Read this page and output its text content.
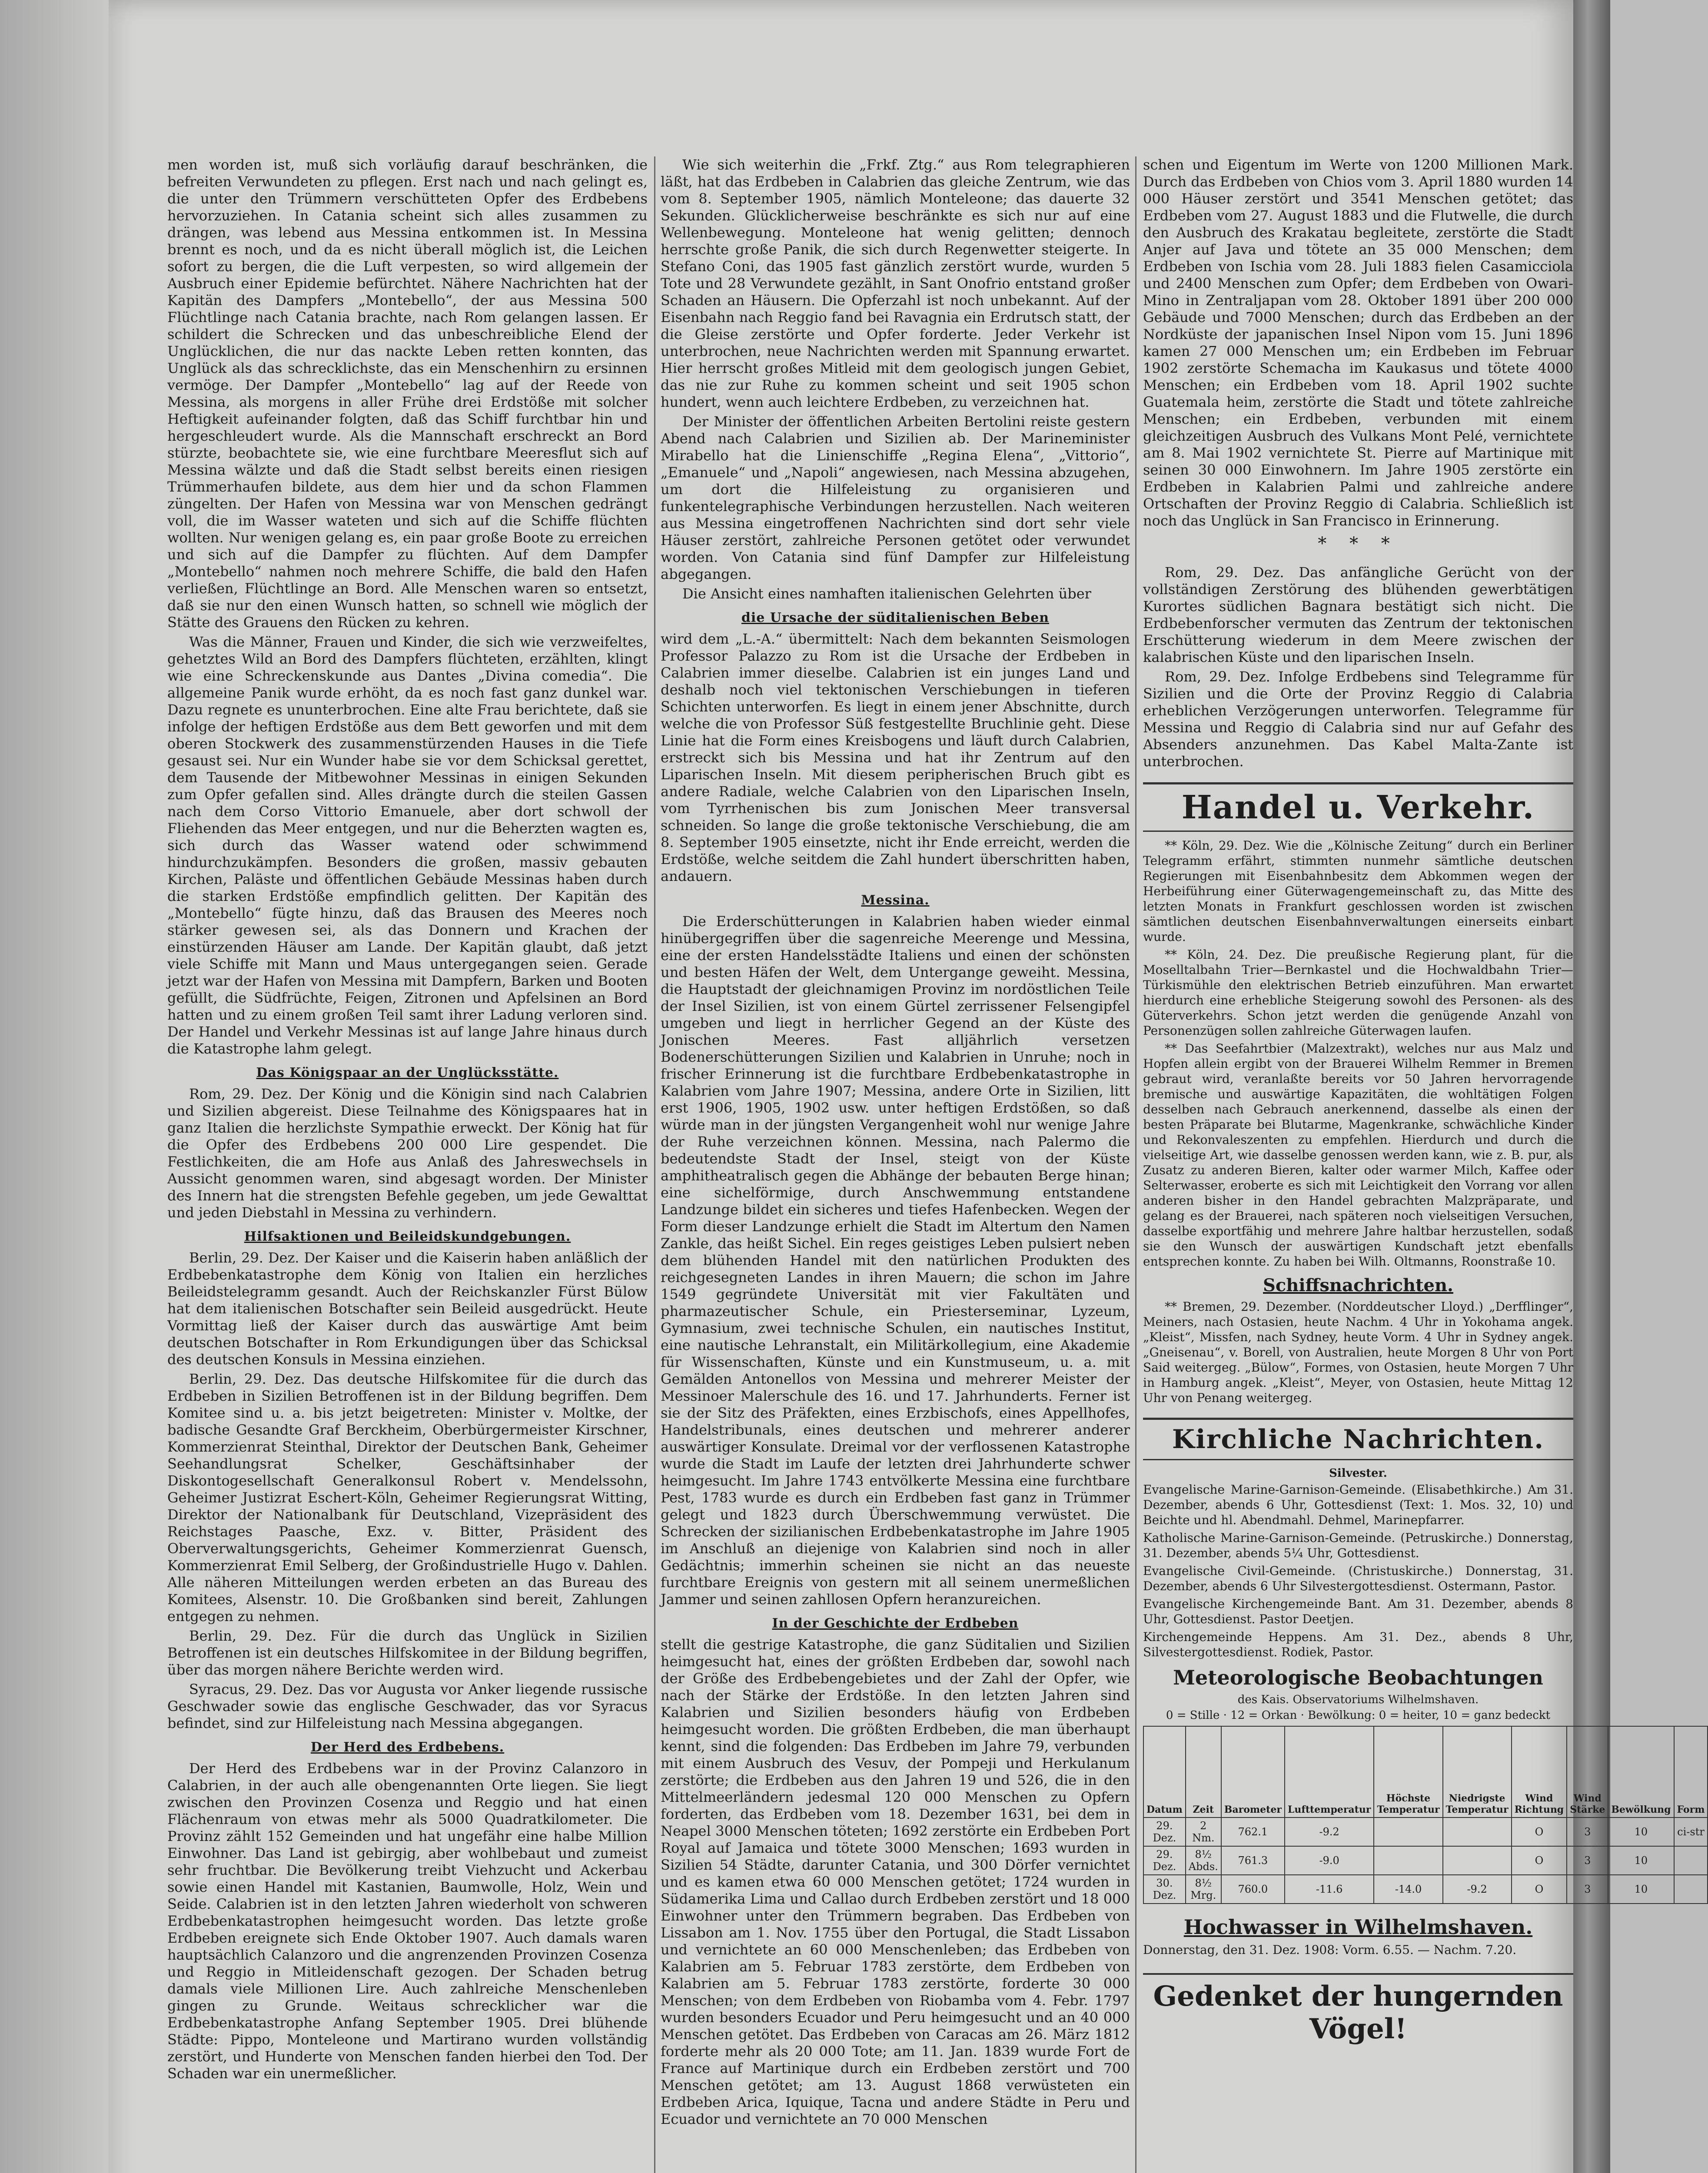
men worden ist, muß sich vorläufig darauf beschränken, die befreiten Verwundeten zu pflegen. Erst nach und nach gelingt es, die unter den Trümmern verschütteten Opfer des Erdbebens hervorzuziehen. In Catania scheint sich alles zusammen zu drängen, was lebend aus Messina entkommen ist. In Messina brennt es noch, und da es nicht überall möglich ist, die Leichen sofort zu bergen, die die Luft verpesten, so wird allgemein der Ausbruch einer Epidemie befürchtet. Nähere Nachrichten hat der Kapitän des Dampfers „Montebello“, der aus Messina 500 Flüchtlinge nach Catania brachte, nach Rom gelangen lassen. Er schildert die Schrecken und das unbeschreibliche Elend der Unglücklichen, die nur das nackte Leben retten konnten, das Unglück als das schrecklichste, das ein Menschenhirn zu ersinnen vermöge. Der Dampfer „Montebello“ lag auf der Reede von Messina, als morgens in aller Frühe drei Erdstöße mit solcher Heftigkeit aufeinander folgten, daß das Schiff furchtbar hin und hergeschleudert wurde. Als die Mannschaft erschreckt an Bord stürzte, beobachtete sie, wie eine furchtbare Meeresflut sich auf Messina wälzte und daß die Stadt selbst bereits einen riesigen Trümmerhaufen bildete, aus dem hier und da schon Flammen züngelten. Der Hafen von Messina war von Menschen gedrängt voll, die im Wasser wateten und sich auf die Schiffe flüchten wollten. Nur wenigen gelang es, ein paar große Boote zu erreichen und sich auf die Dampfer zu flüchten. Auf dem Dampfer „Montebello“ nahmen noch mehrere Schiffe, die bald den Hafen verließen, Flüchtlinge an Bord. Alle Menschen waren so entsetzt, daß sie nur den einen Wunsch hatten, so schnell wie möglich der Stätte des Grauens den Rücken zu kehren.

Was die Männer, Frauen und Kinder, die sich wie verzweifeltes, gehetztes Wild an Bord des Dampfers flüchteten, erzählten, klingt wie eine Schreckenskunde aus Dantes „Divina comedia“. Die allgemeine Panik wurde erhöht, da es noch fast ganz dunkel war. Dazu regnete es ununterbrochen. Eine alte Frau berichtete, daß sie infolge der heftigen Erdstöße aus dem Bett geworfen und mit dem oberen Stockwerk des zusammenstürzenden Hauses in die Tiefe gesaust sei. Nur ein Wunder habe sie vor dem Schicksal gerettet, dem Tausende der Mitbewohner Messinas in einigen Sekunden zum Opfer gefallen sind. Alles drängte durch die steilen Gassen nach dem Corso Vittorio Emanuele, aber dort schwoll der Fliehenden das Meer entgegen, und nur die Beherzten wagten es, sich durch das Wasser watend oder schwimmend hindurchzukämpfen. Besonders die großen, massiv gebauten Kirchen, Paläste und öffentlichen Gebäude Messinas haben durch die starken Erdstöße empfindlich gelitten. Der Kapitän des „Montebello“ fügte hinzu, daß das Brausen des Meeres noch stärker gewesen sei, als das Donnern und Krachen der einstürzenden Häuser am Lande. Der Kapitän glaubt, daß jetzt viele Schiffe mit Mann und Maus untergegangen seien. Gerade jetzt war der Hafen von Messina mit Dampfern, Barken und Booten gefüllt, die Südfrüchte, Feigen, Zitronen und Apfelsinen an Bord hatten und zu einem großen Teil samt ihrer Ladung verloren sind. Der Handel und Verkehr Messinas ist auf lange Jahre hinaus durch die Katastrophe lahm gelegt.

Das Königspaar an der Unglücksstätte.

Rom, 29. Dez. Der König und die Königin sind nach Calabrien und Sizilien abgereist. Diese Teilnahme des Königspaares hat in ganz Italien die herzlichste Sympathie erweckt. Der König hat für die Opfer des Erdbebens 200 000 Lire gespendet. Die Festlichkeiten, die am Hofe aus Anlaß des Jahreswechsels in Aussicht genommen waren, sind abgesagt worden. Der Minister des Innern hat die strengsten Befehle gegeben, um jede Gewalttat und jeden Diebstahl in Messina zu verhindern.

Hilfsaktionen und Beileidskundgebungen.

Berlin, 29. Dez. Der Kaiser und die Kaiserin haben anläßlich der Erdbebenkatastrophe dem König von Italien ein herzliches Beileidstelegramm gesandt. Auch der Reichskanzler Fürst Bülow hat dem italienischen Botschafter sein Beileid ausgedrückt. Heute Vormittag ließ der Kaiser durch das auswärtige Amt beim deutschen Botschafter in Rom Erkundigungen über das Schicksal des deutschen Konsuls in Messina einziehen.

Berlin, 29. Dez. Das deutsche Hilfskomitee für die durch das Erdbeben in Sizilien Betroffenen ist in der Bildung begriffen. Dem Komitee sind u. a. bis jetzt beigetreten: Minister v. Moltke, der badische Gesandte Graf Berckheim, Oberbürgermeister Kirschner, Kommerzienrat Steinthal, Direktor der Deutschen Bank, Geheimer Seehandlungsrat Schelker, Geschäftsinhaber der Diskontogesellschaft Generalkonsul Robert v. Mendelssohn, Geheimer Justizrat Eschert-Köln, Geheimer Regierungsrat Witting, Direktor der Nationalbank für Deutschland, Vizepräsident des Reichstages Paasche, Exz. v. Bitter, Präsident des Oberverwaltungsgerichts, Geheimer Kommerzienrat Guensch, Kommerzienrat Emil Selberg, der Großindustrielle Hugo v. Dahlen. Alle näheren Mitteilungen werden erbeten an das Bureau des Komitees, Alsenstr. 10. Die Großbanken sind bereit, Zahlungen entgegen zu nehmen.

Berlin, 29. Dez. Für die durch das Unglück in Sizilien Betroffenen ist ein deutsches Hilfskomitee in der Bildung begriffen, über das morgen nähere Berichte werden wird.

Syracus, 29. Dez. Das vor Augusta vor Anker liegende russische Geschwader sowie das englische Geschwader, das vor Syracus befindet, sind zur Hilfeleistung nach Messina abgegangen.

Der Herd des Erdbebens.

Der Herd des Erdbebens war in der Provinz Calanzoro in Calabrien, in der auch alle obengenannten Orte liegen. Sie liegt zwischen den Provinzen Cosenza und Reggio und hat einen Flächenraum von etwas mehr als 5000 Quadratkilometer. Die Provinz zählt 152 Gemeinden und hat ungefähr eine halbe Million Einwohner. Das Land ist gebirgig, aber wohlbebaut und zumeist sehr fruchtbar. Die Bevölkerung treibt Viehzucht und Ackerbau sowie einen Handel mit Kastanien, Baumwolle, Holz, Wein und Seide. Calabrien ist in den letzten Jahren wiederholt von schweren Erdbebenkatastrophen heimgesucht worden. Das letzte große Erdbeben ereignete sich Ende Oktober 1907. Auch damals waren hauptsächlich Calanzoro und die angrenzenden Provinzen Cosenza und Reggio in Mitleidenschaft gezogen. Der Schaden betrug damals viele Millionen Lire. Auch zahlreiche Menschenleben gingen zu Grunde. Weitaus schrecklicher war die Erdbebenkatastrophe Anfang September 1905. Drei blühende Städte: Pippo, Monteleone und Martirano wurden vollständig zerstört, und Hunderte von Menschen fanden hierbei den Tod. Der Schaden war ein unermeßlicher.

Wie sich weiterhin die „Frkf. Ztg.“ aus Rom telegraphieren läßt, hat das Erdbeben in Calabrien das gleiche Zentrum, wie das vom 8. September 1905, nämlich Monteleone; das dauerte 32 Sekunden. Glücklicherweise beschränkte es sich nur auf eine Wellenbewegung. Monteleone hat wenig gelitten; dennoch herrschte große Panik, die sich durch Regenwetter steigerte. In Stefano Coni, das 1905 fast gänzlich zerstört wurde, wurden 5 Tote und 28 Verwundete gezählt, in Sant Onofrio entstand großer Schaden an Häusern. Die Opferzahl ist noch unbekannt. Auf der Eisenbahn nach Reggio fand bei Ravagnia ein Erdrutsch statt, der die Gleise zerstörte und Opfer forderte. Jeder Verkehr ist unterbrochen, neue Nachrichten werden mit Spannung erwartet. Hier herrscht großes Mitleid mit dem geologisch jungen Gebiet, das nie zur Ruhe zu kommen scheint und seit 1905 schon hundert, wenn auch leichtere Erdbeben, zu verzeichnen hat.

Der Minister der öffentlichen Arbeiten Bertolini reiste gestern Abend nach Calabrien und Sizilien ab. Der Marineminister Mirabello hat die Linienschiffe „Regina Elena“, „Vittorio“, „Emanuele“ und „Napoli“ angewiesen, nach Messina abzugehen, um dort die Hilfeleistung zu organisieren und funkentelegraphische Verbindungen herzustellen. Nach weiteren aus Messina eingetroffenen Nachrichten sind dort sehr viele Häuser zerstört, zahlreiche Personen getötet oder verwundet worden. Von Catania sind fünf Dampfer zur Hilfeleistung abgegangen.

Die Ansicht eines namhaften italienischen Gelehrten über

die Ursache der süditalienischen Beben

wird dem „L.-A.“ übermittelt: Nach dem bekannten Seismologen Professor Palazzo zu Rom ist die Ursache der Erdbeben in Calabrien immer dieselbe. Calabrien ist ein junges Land und deshalb noch viel tektonischen Verschiebungen in tieferen Schichten unterworfen. Es liegt in einem jener Abschnitte, durch welche die von Professor Süß festgestellte Bruchlinie geht. Diese Linie hat die Form eines Kreisbogens und läuft durch Calabrien, erstreckt sich bis Messina und hat ihr Zentrum auf den Liparischen Inseln. Mit diesem peripherischen Bruch gibt es andere Radiale, welche Calabrien von den Liparischen Inseln, vom Tyrrhenischen bis zum Jonischen Meer transversal schneiden. So lange die große tektonische Verschiebung, die am 8. September 1905 einsetzte, nicht ihr Ende erreicht, werden die Erdstöße, welche seitdem die Zahl hundert überschritten haben, andauern.

Messina.

Die Erderschütterungen in Kalabrien haben wieder einmal hinübergegriffen über die sagenreiche Meerenge und Messina, eine der ersten Handelsstädte Italiens und einen der schönsten und besten Häfen der Welt, dem Untergange geweiht. Messina, die Hauptstadt der gleichnamigen Provinz im nordöstlichen Teile der Insel Sizilien, ist von einem Gürtel zerrissener Felsengipfel umgeben und liegt in herrlicher Gegend an der Küste des Jonischen Meeres. Fast alljährlich versetzen Bodenerschütterungen Sizilien und Kalabrien in Unruhe; noch in frischer Erinnerung ist die furchtbare Erdbebenkatastrophe in Kalabrien vom Jahre 1907; Messina, andere Orte in Sizilien, litt erst 1906, 1905, 1902 usw. unter heftigen Erdstößen, so daß würde man in der jüngsten Vergangenheit wohl nur wenige Jahre der Ruhe verzeichnen können. Messina, nach Palermo die bedeutendste Stadt der Insel, steigt von der Küste amphitheatralisch gegen die Abhänge der bebauten Berge hinan; eine sichelförmige, durch Anschwemmung entstandene Landzunge bildet ein sicheres und tiefes Hafenbecken. Wegen der Form dieser Landzunge erhielt die Stadt im Altertum den Namen Zankle, das heißt Sichel. Ein reges geistiges Leben pulsiert neben dem blühenden Handel mit den natürlichen Produkten des reichgesegneten Landes in ihren Mauern; die schon im Jahre 1549 gegründete Universität mit vier Fakultäten und pharmazeutischer Schule, ein Priesterseminar, Lyzeum, Gymnasium, zwei technische Schulen, ein nautisches Institut, eine nautische Lehranstalt, ein Militärkollegium, eine Akademie für Wissenschaften, Künste und ein Kunstmuseum, u. a. mit Gemälden Antonellos von Messina und mehrerer Meister der Messinoer Malerschule des 16. und 17. Jahrhunderts. Ferner ist sie der Sitz des Präfekten, eines Erzbischofs, eines Appellhofes, Handelstribunals, eines deutschen und mehrerer anderer auswärtiger Konsulate. Dreimal vor der verflossenen Katastrophe wurde die Stadt im Laufe der letzten drei Jahrhunderte schwer heimgesucht. Im Jahre 1743 entvölkerte Messina eine furchtbare Pest, 1783 wurde es durch ein Erdbeben fast ganz in Trümmer gelegt und 1823 durch Überschwemmung verwüstet. Die Schrecken der sizilianischen Erdbebenkatastrophe im Jahre 1905 im Anschluß an diejenige von Kalabrien sind noch in aller Gedächtnis; immerhin scheinen sie nicht an das neueste furchtbare Ereignis von gestern mit all seinem unermeßlichen Jammer und seinen zahllosen Opfern heranzureichen.

In der Geschichte der Erdbeben

stellt die gestrige Katastrophe, die ganz Süditalien und Sizilien heimgesucht hat, eines der größten Erdbeben dar, sowohl nach der Größe des Erdbebengebietes und der Zahl der Opfer, wie nach der Stärke der Erdstöße. In den letzten Jahren sind Kalabrien und Sizilien besonders häufig von Erdbeben heimgesucht worden. Die größten Erdbeben, die man überhaupt kennt, sind die folgenden: Das Erdbeben im Jahre 79, verbunden mit einem Ausbruch des Vesuv, der Pompeji und Herkulanum zerstörte; die Erdbeben aus den Jahren 19 und 526, die in den Mittelmeerländern jedesmal 120 000 Menschen zu Opfern forderten, das Erdbeben vom 18. Dezember 1631, bei dem in Neapel 3000 Menschen töteten; 1692 zerstörte ein Erdbeben Port Royal auf Jamaica und tötete 3000 Menschen; 1693 wurden in Sizilien 54 Städte, darunter Catania, und 300 Dörfer vernichtet und es kamen etwa 60 000 Menschen getötet; 1724 wurden in Südamerika Lima und Callao durch Erdbeben zerstört und 18 000 Einwohner unter den Trümmern begraben. Das Erdbeben von Lissabon am 1. Nov. 1755 über den Portugal, die Stadt Lissabon und vernichtete an 60 000 Menschenleben; das Erdbeben von Kalabrien am 5. Februar 1783 zerstörte, dem Erdbeben von Kalabrien am 5. Februar 1783 zerstörte, forderte 30 000 Menschen; von dem Erdbeben von Riobamba vom 4. Febr. 1797 wurden besonders Ecuador und Peru heimgesucht und an 40 000 Menschen getötet. Das Erdbeben von Caracas am 26. März 1812 forderte mehr als 20 000 Tote; am 11. Jan. 1839 wurde Fort de France auf Martinique durch ein Erdbeben zerstört und 700 Menschen getötet; am 13. August 1868 verwüsteten ein Erdbeben Arica, Iquique, Tacna und andere Städte in Peru und Ecuador und vernichtete an 70 000 Menschen

schen und Eigentum im Werte von 1200 Millionen Mark. Durch das Erdbeben von Chios vom 3. April 1880 wurden 14 000 Häuser zerstört und 3541 Menschen getötet; das Erdbeben vom 27. August 1883 und die Flutwelle, die durch den Ausbruch des Krakatau begleitete, zerstörte die Stadt Anjer auf Java und tötete an 35 000 Menschen; dem Erdbeben von Ischia vom 28. Juli 1883 fielen Casamicciola und 2400 Menschen zum Opfer; dem Erdbeben von Owari-Mino in Zentraljapan vom 28. Oktober 1891 über 200 000 Gebäude und 7000 Menschen; durch das Erdbeben an der Nordküste der japanischen Insel Nipon vom 15. Juni 1896 kamen 27 000 Menschen um; ein Erdbeben im Februar 1902 zerstörte Schemacha im Kaukasus und tötete 4000 Menschen; ein Erdbeben vom 18. April 1902 suchte Guatemala heim, zerstörte die Stadt und tötete zahlreiche Menschen; ein Erdbeben, verbunden mit einem gleichzeitigen Ausbruch des Vulkans Mont Pelé, vernichtete am 8. Mai 1902 vernichtete St. Pierre auf Martinique mit seinen 30 000 Einwohnern. Im Jahre 1905 zerstörte ein Erdbeben in Kalabrien Palmi und zahlreiche andere Ortschaften der Provinz Reggio di Calabria. Schließlich ist noch das Unglück in San Francisco in Erinnerung.

* * *

Rom, 29. Dez. Das anfängliche Gerücht von der vollständigen Zerstörung des blühenden gewerbtätigen Kurortes südlichen Bagnara bestätigt sich nicht. Die Erdbebenforscher vermuten das Zentrum der tektonischen Erschütterung wiederum in dem Meere zwischen der kalabrischen Küste und den liparischen Inseln.

Rom, 29. Dez. Infolge Erdbebens sind Telegramme für Sizilien und die Orte der Provinz Reggio di Calabria erheblichen Verzögerungen unterworfen. Telegramme für Messina und Reggio di Calabria sind nur auf Gefahr des Absenders anzunehmen. Das Kabel Malta-Zante ist unterbrochen.

Handel u. Verkehr.

** Köln, 29. Dez. Wie die „Kölnische Zeitung“ durch ein Berliner Telegramm erfährt, stimmten nunmehr sämtliche deutschen Regierungen mit Eisenbahnbesitz dem Abkommen wegen der Herbeiführung einer Güterwagengemeinschaft zu, das Mitte des letzten Monats in Frankfurt geschlossen worden ist zwischen sämtlichen deutschen Eisenbahnverwaltungen einerseits einbart wurde.

** Köln, 24. Dez. Die preußische Regierung plant, für die Moselltalbahn Trier—Bernkastel und die Hochwaldbahn Trier—Türkismühle den elektrischen Betrieb einzuführen. Man erwartet hierdurch eine erhebliche Steigerung sowohl des Personen- als des Güterverkehrs. Schon jetzt werden die genügende Anzahl von Personenzügen sollen zahlreiche Güterwagen laufen.

** Das Seefahrtbier (Malzextrakt), welches nur aus Malz und Hopfen allein ergibt von der Brauerei Wilhelm Remmer in Bremen gebraut wird, veranlaßte bereits vor 50 Jahren hervorragende bremische und auswärtige Kapazitäten, die wohltätigen Folgen desselben nach Gebrauch anerkennend, dasselbe als einen der besten Präparate bei Blutarme, Magenkranke, schwächliche Kinder und Rekonvaleszenten zu empfehlen. Hierdurch und durch die vielseitige Art, wie dasselbe genossen werden kann, wie z. B. pur, als Zusatz zu anderen Bieren, kalter oder warmer Milch, Kaffee oder Selterwasser, eroberte es sich mit Leichtigkeit den Vorrang vor allen anderen bisher in den Handel gebrachten Malzpräparate, und gelang es der Brauerei, nach späteren noch vielseitigen Versuchen, dasselbe exportfähig und mehrere Jahre haltbar herzustellen, sodaß sie den Wunsch der auswärtigen Kundschaft jetzt ebenfalls entsprechen konnte. Zu haben bei Wilh. Oltmanns, Roonstraße 10.

Schiffsnachrichten.

** Bremen, 29. Dezember. (Norddeutscher Lloyd.) „Derfflinger“, Meiners, nach Ostasien, heute Nachm. 4 Uhr in Yokohama angek. „Kleist“, Missfen, nach Sydney, heute Vorm. 4 Uhr in Sydney angek. „Gneisenau“, v. Borell, von Australien, heute Morgen 8 Uhr von Port Said weitergeg. „Bülow“, Formes, von Ostasien, heute Morgen 7 Uhr in Hamburg angek. „Kleist“, Meyer, von Ostasien, heute Mittag 12 Uhr von Penang weitergeg.

Kirchliche Nachrichten.
Silvester.

Evangelische Marine-Garnison-Gemeinde. (Elisabethkirche.) Am 31. Dezember, abends 6 Uhr, Gottesdienst (Text: 1. Mos. 32, 10) und Beichte und hl. Abendmahl. Dehmel, Marinepfarrer.

Katholische Marine-Garnison-Gemeinde. (Petruskirche.) Donnerstag, 31. Dezember, abends 5¼ Uhr, Gottesdienst.

Evangelische Civil-Gemeinde. (Christuskirche.) Donnerstag, 31. Dezember, abends 6 Uhr Silvestergottesdienst. Ostermann, Pastor.

Evangelische Kirchengemeinde Bant. Am 31. Dezember, abends 8 Uhr, Gottesdienst. Pastor Deetjen.

Kirchengemeinde Heppens. Am 31. Dez., abends 8 Uhr, Silvestergottesdienst. Rodiek, Pastor.

Meteorologische Beobachtungen
des Kais. Observatoriums Wilhelmshaven.
0 = Stille · 12 = Orkan · Bewölkung: 0 = heiter, 10 = ganz bedeckt
Datum	Zeit	Barometer	Lufttemperatur	Höchste Temperatur	Niedrigste Temperatur	Wind Richtung	Wind Stärke	Bewölkung	Form
29. Dez.	2 Nm.	762.1	-9.2			O	3	10	ci-str
29. Dez.	8½ Abds.	761.3	-9.0			O	3	10	
30. Dez.	8½ Mrg.	760.0	-11.6	-14.0	-9.2	O	3	10	
Hochwasser in Wilhelmshaven.

Donnerstag, den 31. Dez. 1908: Vorm. 6.55. — Nachm. 7.20.

Gedenket der hungernden Vögel!
